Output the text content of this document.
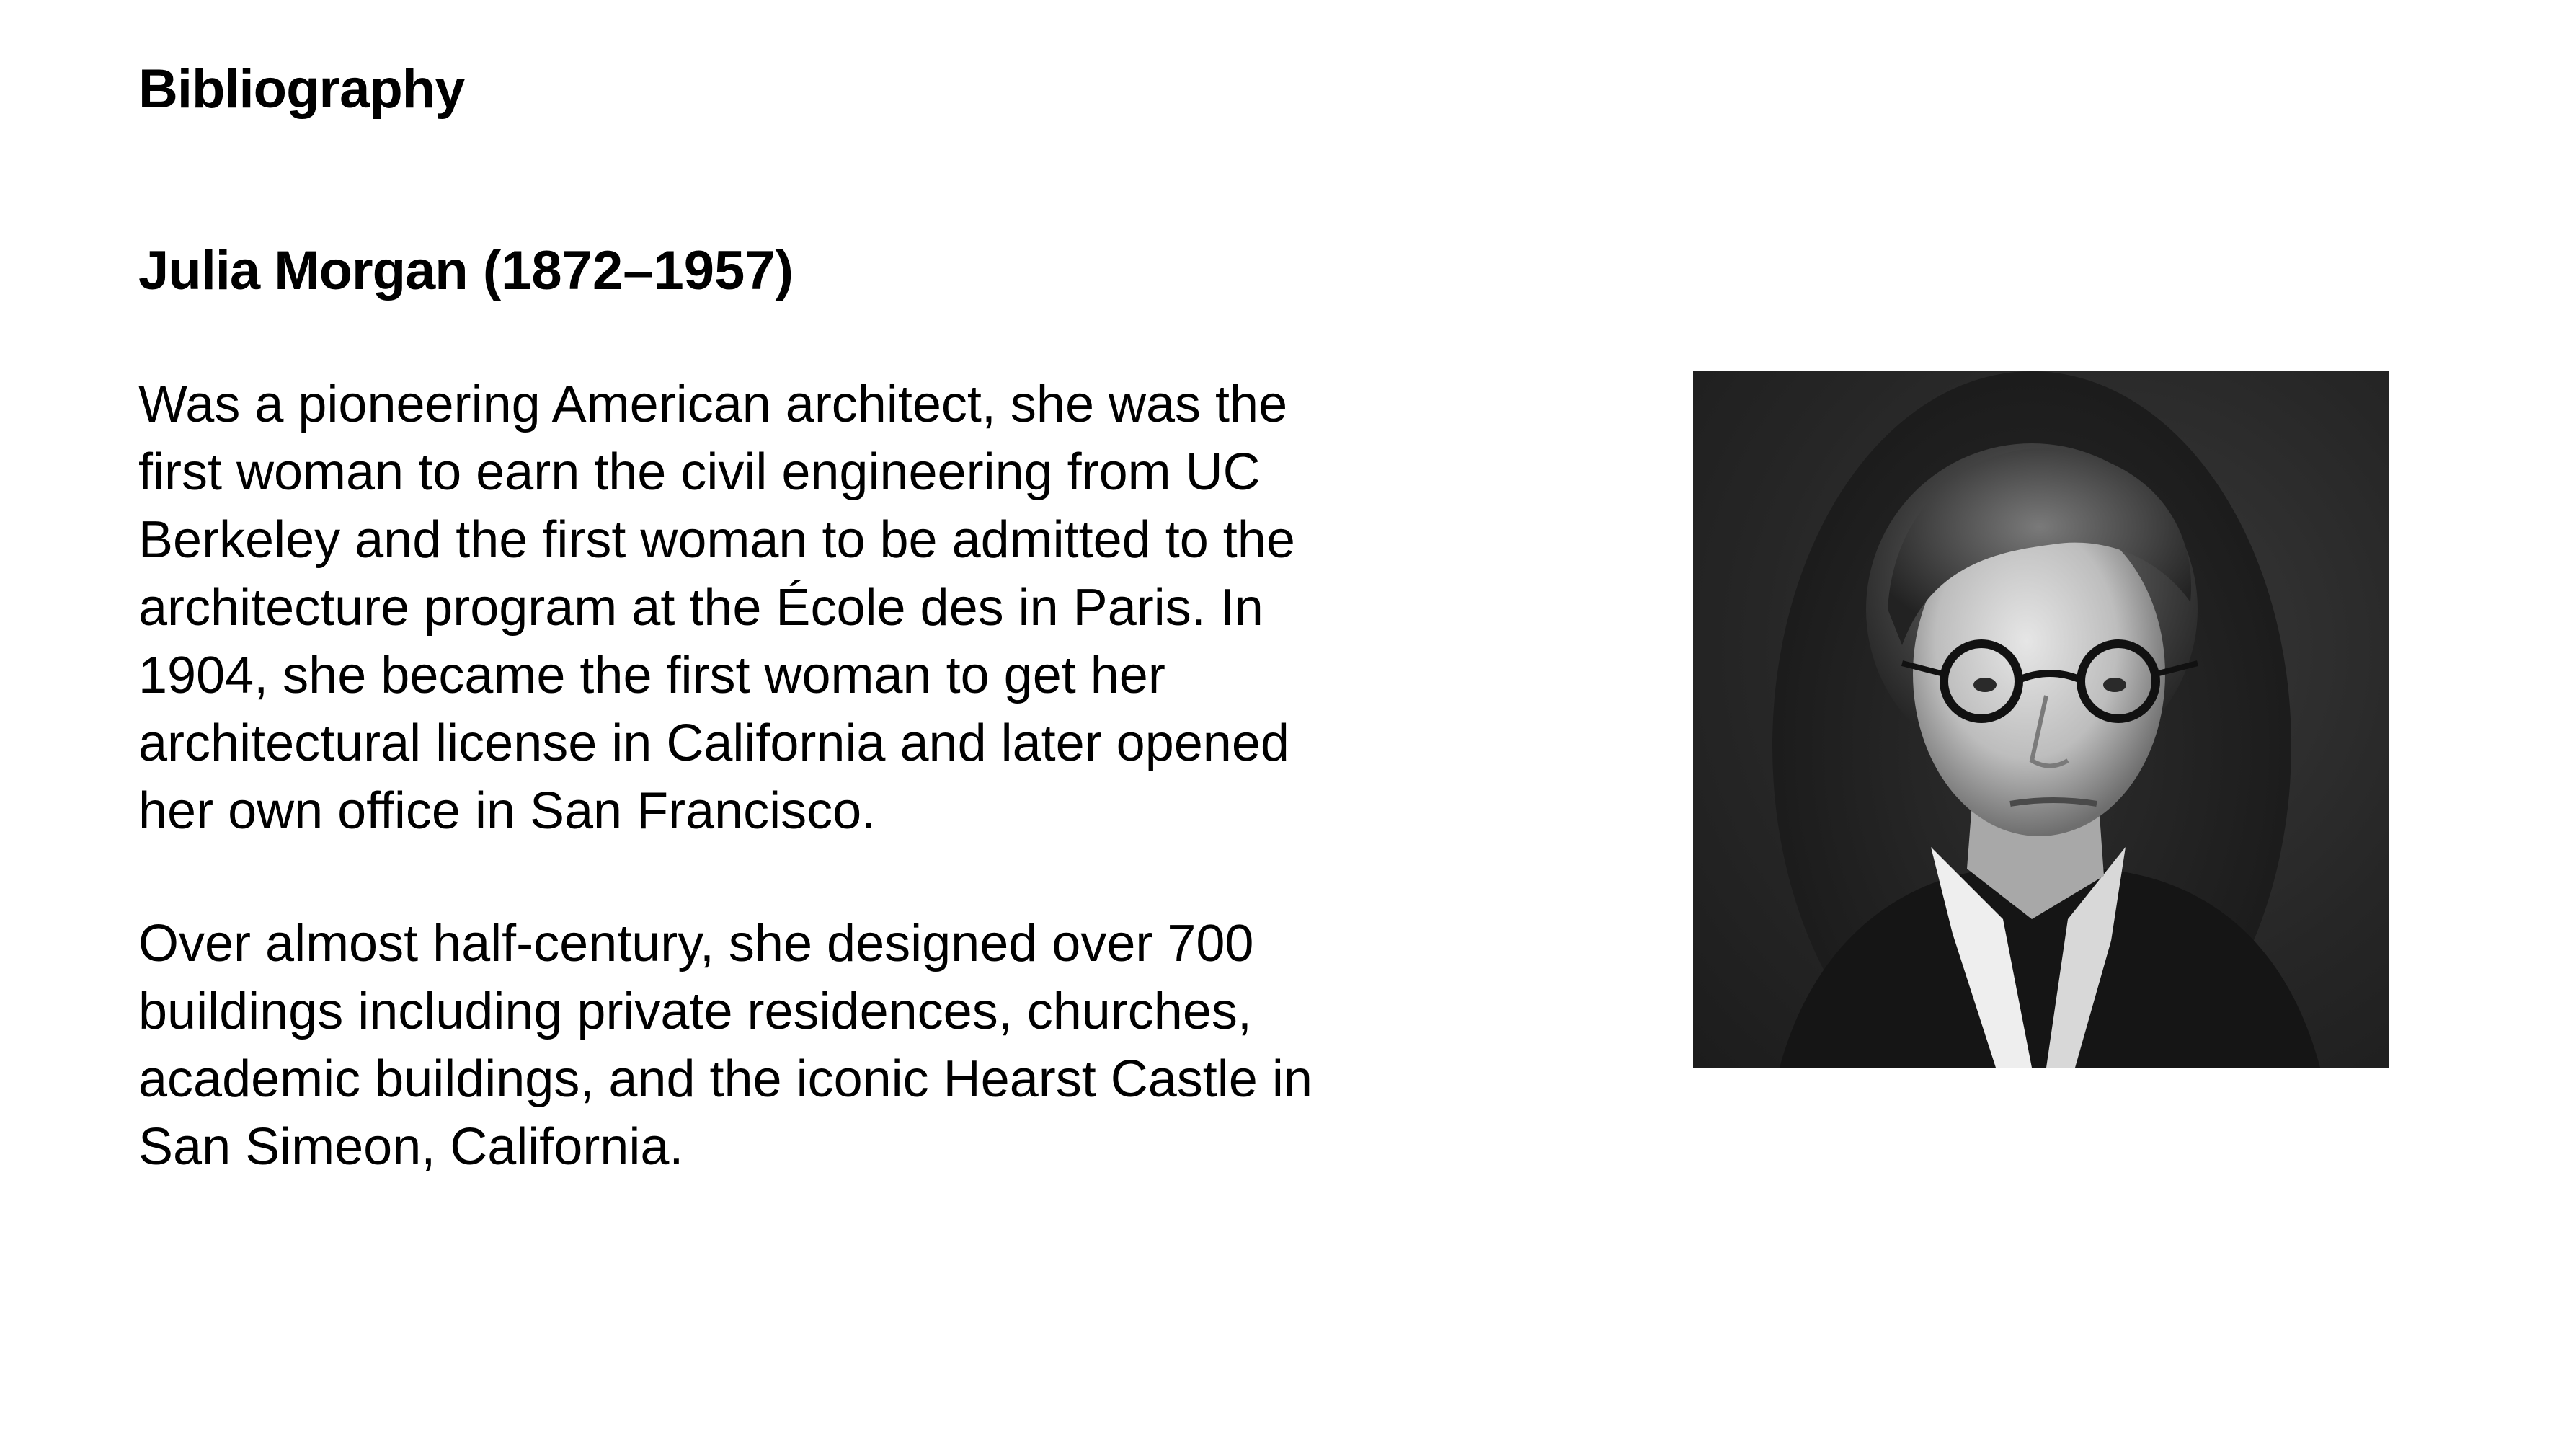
Bibliography
Julia Morgan (1872–1957)

Was a pioneering American architect, she was the first woman to earn the civil engineering from UC Berkeley and the first woman to be admitted to the architecture program at the École des in Paris. In 1904, she became the first woman to get her architectural license in California and later opened her own office in San Francisco.

Over almost half-century, she designed over 700 buildings including private residences, churches, academic buildings, and the iconic Hearst Castle in San Simeon, California.
